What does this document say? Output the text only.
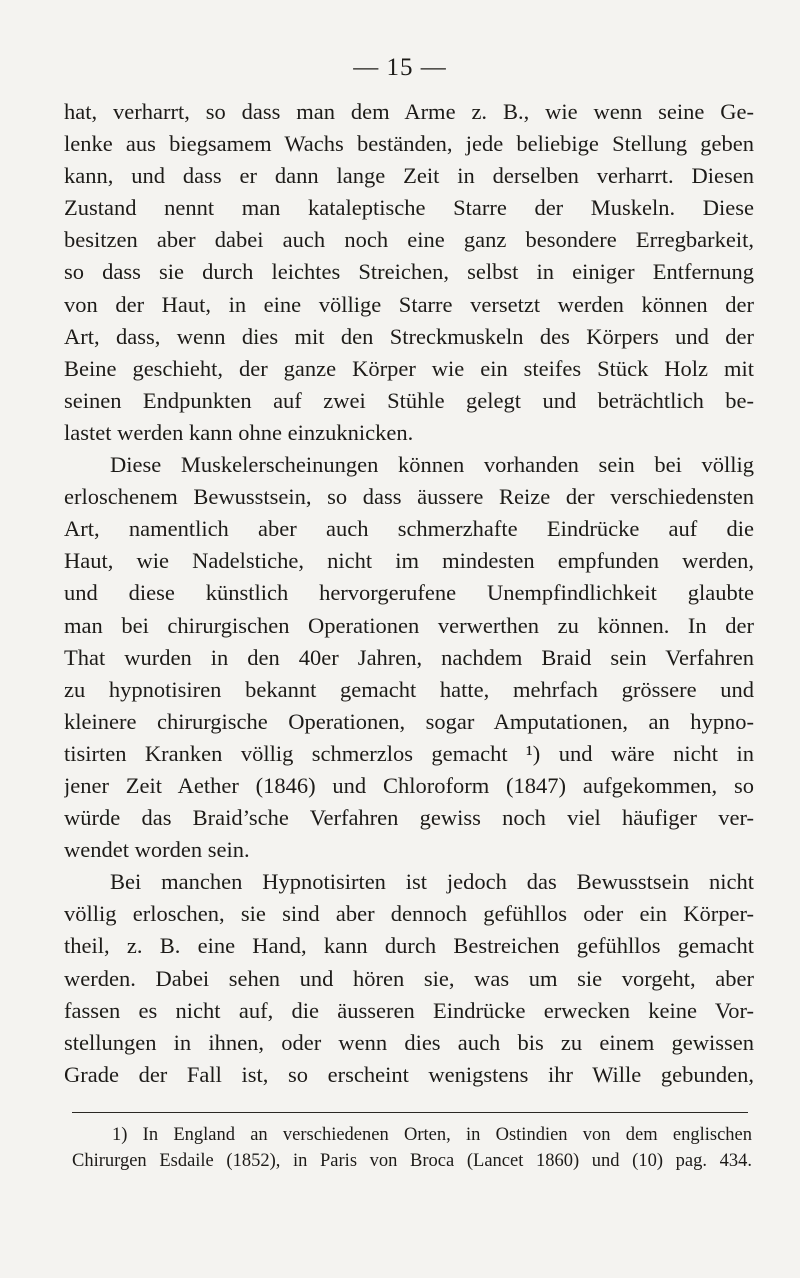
— 15 —
hat, verharrt, so dass man dem Arme z. B., wie wenn seine Ge-
lenke aus biegsamem Wachs beständen, jede beliebige Stellung geben
kann, und dass er dann lange Zeit in derselben verharrt. Diesen
Zustand nennt man kataleptische Starre der Muskeln. Diese
besitzen aber dabei auch noch eine ganz besondere Erregbarkeit,
so dass sie durch leichtes Streichen, selbst in einiger Entfernung
von der Haut, in eine völlige Starre versetzt werden können der
Art, dass, wenn dies mit den Streckmuskeln des Körpers und der
Beine geschieht, der ganze Körper wie ein steifes Stück Holz mit
seinen Endpunkten auf zwei Stühle gelegt und beträchtlich be-
lastet werden kann ohne einzuknicken.
Diese Muskelerscheinungen können vorhanden sein bei völlig
erloschenem Bewusstsein, so dass äussere Reize der verschiedensten
Art, namentlich aber auch schmerzhafte Eindrücke auf die
Haut, wie Nadelstiche, nicht im mindesten empfunden werden,
und diese künstlich hervorgerufene Unempfindlichkeit glaubte
man bei chirurgischen Operationen verwerthen zu können. In der
That wurden in den 40er Jahren, nachdem Braid sein Verfahren
zu hypnotisiren bekannt gemacht hatte, mehrfach grössere und
kleinere chirurgische Operationen, sogar Amputationen, an hypno-
tisirten Kranken völlig schmerzlos gemacht ¹) und wäre nicht in
jener Zeit Aether (1846) und Chloroform (1847) aufgekommen, so
würde das Braid’sche Verfahren gewiss noch viel häufiger ver-
wendet worden sein.
Bei manchen Hypnotisirten ist jedoch das Bewusstsein nicht
völlig erloschen, sie sind aber dennoch gefühllos oder ein Körper-
theil, z. B. eine Hand, kann durch Bestreichen gefühllos gemacht
werden. Dabei sehen und hören sie, was um sie vorgeht, aber
fassen es nicht auf, die äusseren Eindrücke erwecken keine Vor-
stellungen in ihnen, oder wenn dies auch bis zu einem gewissen
Grade der Fall ist, so erscheint wenigstens ihr Wille gebunden,
1) In England an verschiedenen Orten, in Ostindien von dem englischen
Chirurgen Esdaile (1852), in Paris von Broca (Lancet 1860) und (10) pag. 434.
